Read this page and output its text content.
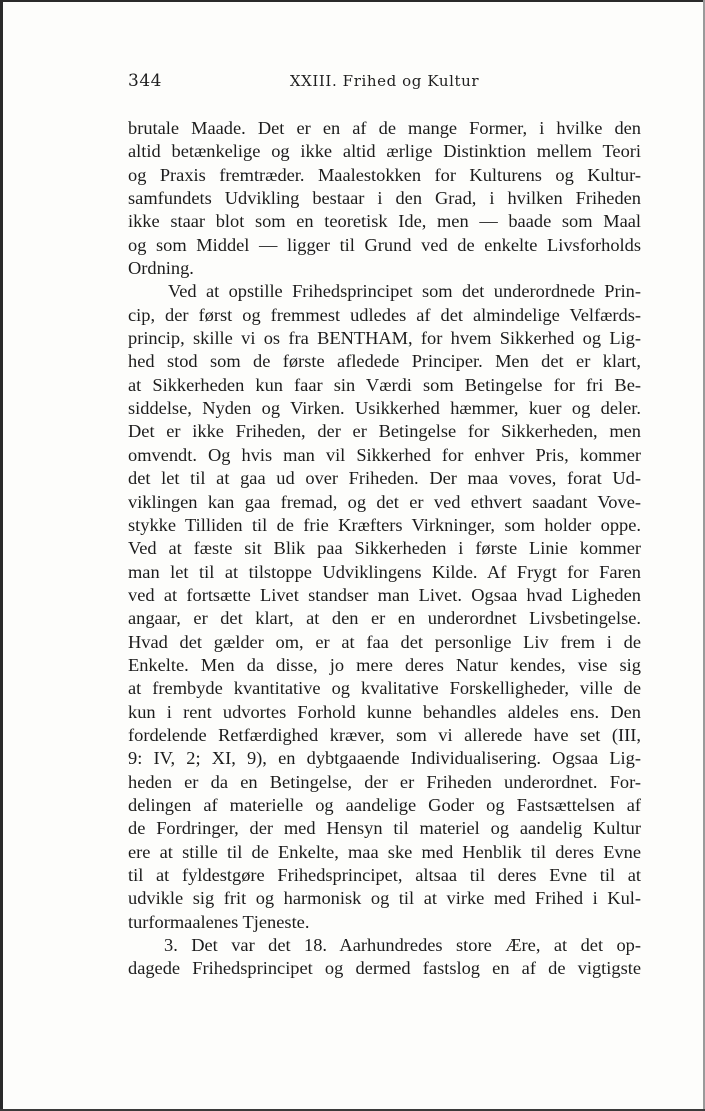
344	XXIII. Frihed og Kultur
brutale Maade. Det er en af de mange Former, i hvilke den
altid betænkelige og ikke altid ærlige Distinktion mellem Teori
og Praxis fremtræder. Maalestokken for Kulturens og Kultur-
samfundets Udvikling bestaar i den Grad, i hvilken Friheden
ikke staar blot som en teoretisk Ide, men — baade som Maal
og som Middel — ligger til Grund ved de enkelte Livsforholds
Ordning.
Ved at opstille Frihedsprincipet som det underordnede Prin-
cip, der først og fremmest udledes af det almindelige Velfærds-
princip, skille vi os fra BENTHAM, for hvem Sikkerhed og Lig-
hed stod som de første afledede Principer. Men det er klart,
at Sikkerheden kun faar sin Værdi som Betingelse for fri Be-
siddelse, Nyden og Virken. Usikkerhed hæmmer, kuer og deler.
Det er ikke Friheden, der er Betingelse for Sikkerheden, men
omvendt. Og hvis man vil Sikkerhed for enhver Pris, kommer
det let til at gaa ud over Friheden. Der maa voves, forat Ud-
viklingen kan gaa fremad, og det er ved ethvert saadant Vove-
stykke Tilliden til de frie Kræfters Virkninger, som holder oppe.
Ved at fæste sit Blik paa Sikkerheden i første Linie kommer
man let til at tilstoppe Udviklingens Kilde. Af Frygt for Faren
ved at fortsætte Livet standser man Livet. Ogsaa hvad Ligheden
angaar, er det klart, at den er en underordnet Livsbetingelse.
Hvad det gælder om, er at faa det personlige Liv frem i de
Enkelte. Men da disse, jo mere deres Natur kendes, vise sig
at frembyde kvantitative og kvalitative Forskelligheder, ville de
kun i rent udvortes Forhold kunne behandles aldeles ens. Den
fordelende Retfærdighed kræver, som vi allerede have set (III,
9: IV, 2; XI, 9), en dybtgaaende Individualisering. Ogsaa Lig-
heden er da en Betingelse, der er Friheden underordnet. For-
delingen af materielle og aandelige Goder og Fastsættelsen af
de Fordringer, der med Hensyn til materiel og aandelig Kultur
ere at stille til de Enkelte, maa ske med Henblik til deres Evne
til at fyldestgøre Frihedsprincipet, altsaa til deres Evne til at
udvikle sig frit og harmonisk og til at virke med Frihed i Kul-
turformaalenes Tjeneste.
3. Det var det 18. Aarhundredes store Ære, at det op-
dagede Frihedsprincipet og dermed fastslog en af de vigtigste
